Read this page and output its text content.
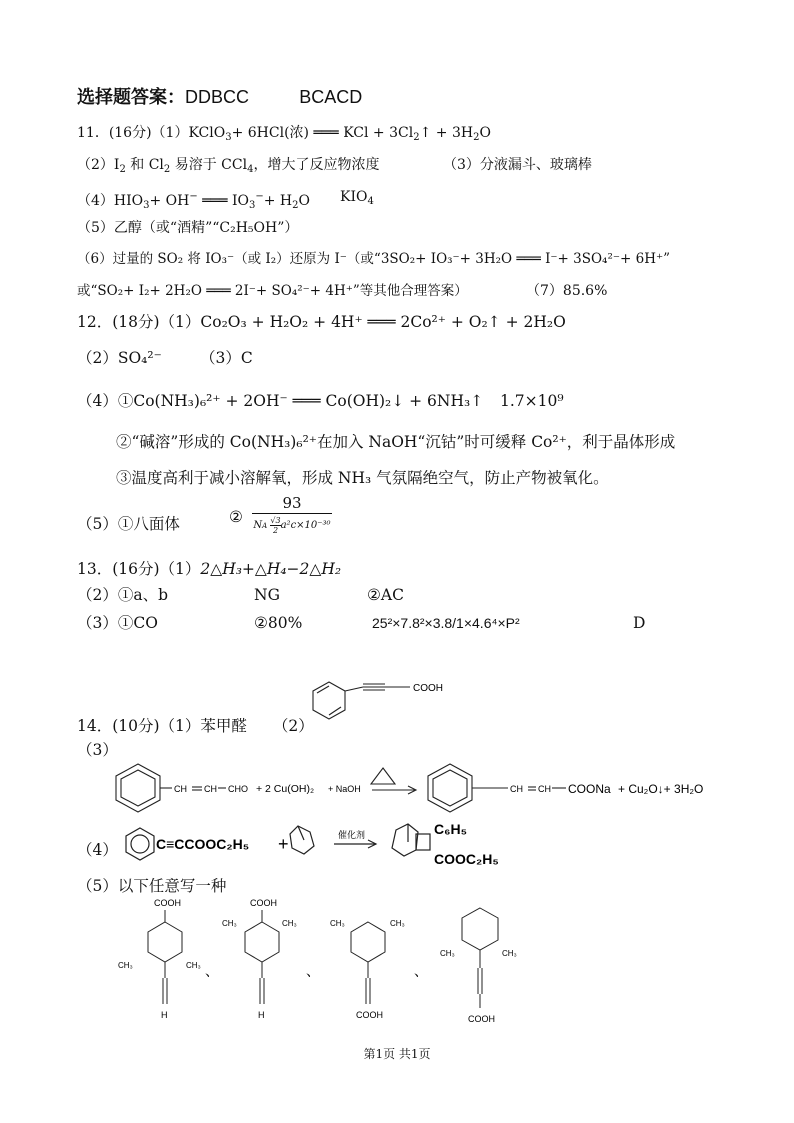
选择题答案：DDBCC	BCACD
11．(16分)（1）KClO$_3$+ 6HCl(浓) ═══ KCl + $3Cl_2↑ + 3H_2O$
$(2)I_2$ 和 $Cl_2$ 易溶于 CCl$_4$，增大了反应物浓度	（3）分液漏斗、玻璃棒
$(4)HIO_3+ OH^-$ ═══ $IO_3^-+ H_2O$ $KIO_4$
（5）乙醇（或“酒精”“C₂H₅OH”）
（6）过量的 SO₂ 将 IO₃⁻（或 I₂）还原为 I⁻（或“3SO₂+ IO₃⁻+ 3H₂O ═══ I⁻+ 3SO₄²⁻+ 6H⁺”
或“SO₂+ I₂+ 2H₂O ═══ 2I⁻+ SO₄²⁻+ 4H⁺”等其他合理答案）	（7）85.6%
12．(18分)（1）Co₂O₃ + H₂O₂ + 4H⁺ ═══ 2Co²⁺ + O₂↑ + 2H₂O
（2）SO₄²⁻ （3）C
（4）①Co(NH₃)₆²⁺ + 2OH⁻ ═══ Co(OH)₂↓ + 6NH₃↑ 1.7×10⁹
②“碱溶”形成的 Co(NH₃)₆²⁺在加入 NaOH“沉钴”时可缓释 Co²⁺，利于晶体形成
③温度高利于减小溶解氧，形成 NH₃ 气氛隔绝空气，防止产物被氧化。
（5）①八面体	②
93
NA $\frac{√3}{2} a^2c\times 10^{-30}$
13．(16分)（1）2△H₃+△H₄−2△H₂
（2）①a、b	NG	②AC
（3）①CO	②80%	25²×7.8²×3.8/1×4.6⁴×P²	D
14．(10分)（1）苯甲醛 （2）
（3）
（4）
（5）以下任意写一种
COOH
CH CH CHO + 2 Cu(OH)₂ + NaOH	CH CH COONa + Cu₂O↓+ 3H₂O
C≡CCOOC₂H₅ +	催化剂	C₆H₅
COOC₂H₅
COOH
CH₃	CH₃
H
、
COOH
CH₃	CH₃
H
、
CH₃	CH₃
COOH
、
CH₃	CH₃
COOH
第1页 共1页
